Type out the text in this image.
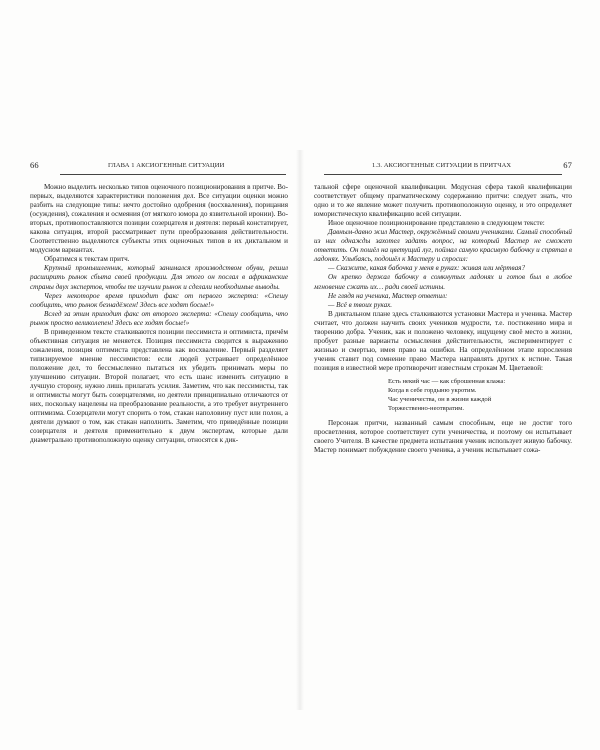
66	ГЛАВА 1 АКСИОГЕННЫЕ СИТУАЦИИ

Можно выделить несколько типов оценочного позиционирования в притче. Во-первых, выделяются характеристики положения дел. Все ситуации оценки можно разбить на следующие типы: нечто достойно одобрения (восхваления), порицания (осуждения), сожаления и осмеяния (от мягкого юмора до язвительной иронии). Во-вторых, противопоставляются позиции созерцателя и деятеля: первый констатирует, какова ситуация, второй рассматривает пути преобразования действительности. Соответственно выделяются субъекты этих оценочных типов в их диктальном и модусном вариантах.

Обратимся к текстам притч.

Крупный промышленник, который занимался производством обуви, решил расширить рынок сбыта своей продукции. Для этого он послал в африканские страны двух экспертов, чтобы те изучили рынок и сделали необходимые выводы.

Через некоторое время приходит факс от первого эксперта: «Спешу сообщить, что рынок безнадёжен! Здесь все ходят босые!»

Вслед за этим приходит факс от второго эксперта: «Спешу сообщить, что рынок просто великолепен! Здесь все ходят босые!»

В приведенном тексте сталкиваются позиции пессимиста и оптимиста, причём объективная ситуация не меняется. Позиция пессимиста сводится к выражению сожаления, позиция оптимиста представлена как восхваление. Первый разделяет типизируемое мнение пессимистов: если людей устраивает определённое положение дел, то бессмысленно пытаться их убедить принимать меры по улучшению ситуации. Второй полагает, что есть шанс изменить ситуацию в лучшую сторону, нужно лишь прилагать усилия. Заметим, что как пессимисты, так и оптимисты могут быть созерцателями, но деятели принципиально отличаются от них, поскольку нацелены на преобразование реальности, а это требует внутреннего оптимизма. Созерцатели могут спорить о том, стакан наполовину пуст или полон, а деятели думают о том, как стакан наполнить. Заметим, что приведённые позиции созерцателя и деятеля применительно к двум экспертам, которые дали диаметрально противоположную оценку ситуации, относятся к дик-

1.3. АКСИОГЕННЫЕ СИТУАЦИИ В ПРИТЧАХ	67

тальной сфере оценочной квалификации. Модусная сфера такой квалификации соответствует общему прагматическому содержанию притчи: следует знать, что одно и то же явление может получить противоположную оценку, и это определяет юмористическую квалификацию всей ситуации.

Иное оценочное позиционирование представлено в следующем тексте:

Давным-давно жил Мастер, окружённый своими учениками. Самый способный из них однажды захотел задать вопрос, на который Мастер не сможет ответить. Он пошёл на цветущий луг, поймал самую красивую бабочку и спрятал в ладонях. Улыбаясь, подошёл к Мастеру и спросил:

— Скажите, какая бабочка у меня в руках: живая или мёртвая?

Он крепко держал бабочку в сомкнутых ладонях и готов был в любое мгновение сжать их… ради своей истины.

Не глядя на ученика, Мастер ответил:

— Всё в твоих руках.

В диктальном плане здесь сталкиваются установки Мастера и ученика. Мастер считает, что должен научить своих учеников мудрости, т.е. постижению мира и творению добра. Ученик, как и положено человеку, ищущему своё место в жизни, пробует разные варианты осмысления действительности, экспериментирует с жизнью и смертью, имея право на ошибки. На определённом этапе взросления ученик ставит под сомнение право Мастера направлять других к истине. Такая позиция в известной мере противоречит известным строкам М. Цветаевой:

Есть некий час — как сброшенная клажа:
Когда в себе гордыню укротим.
Час ученичества, он в жизни каждой
Торжественно-неотвратим.

Персонаж притчи, названный самым способным, еще не достиг того просветления, которое соответствует сути ученичества, и поэтому он испытывает своего Учителя. В качестве предмета испытания ученик использует живую бабочку. Мастер понимает побуждение своего ученика, а ученик испытывает сожа-
